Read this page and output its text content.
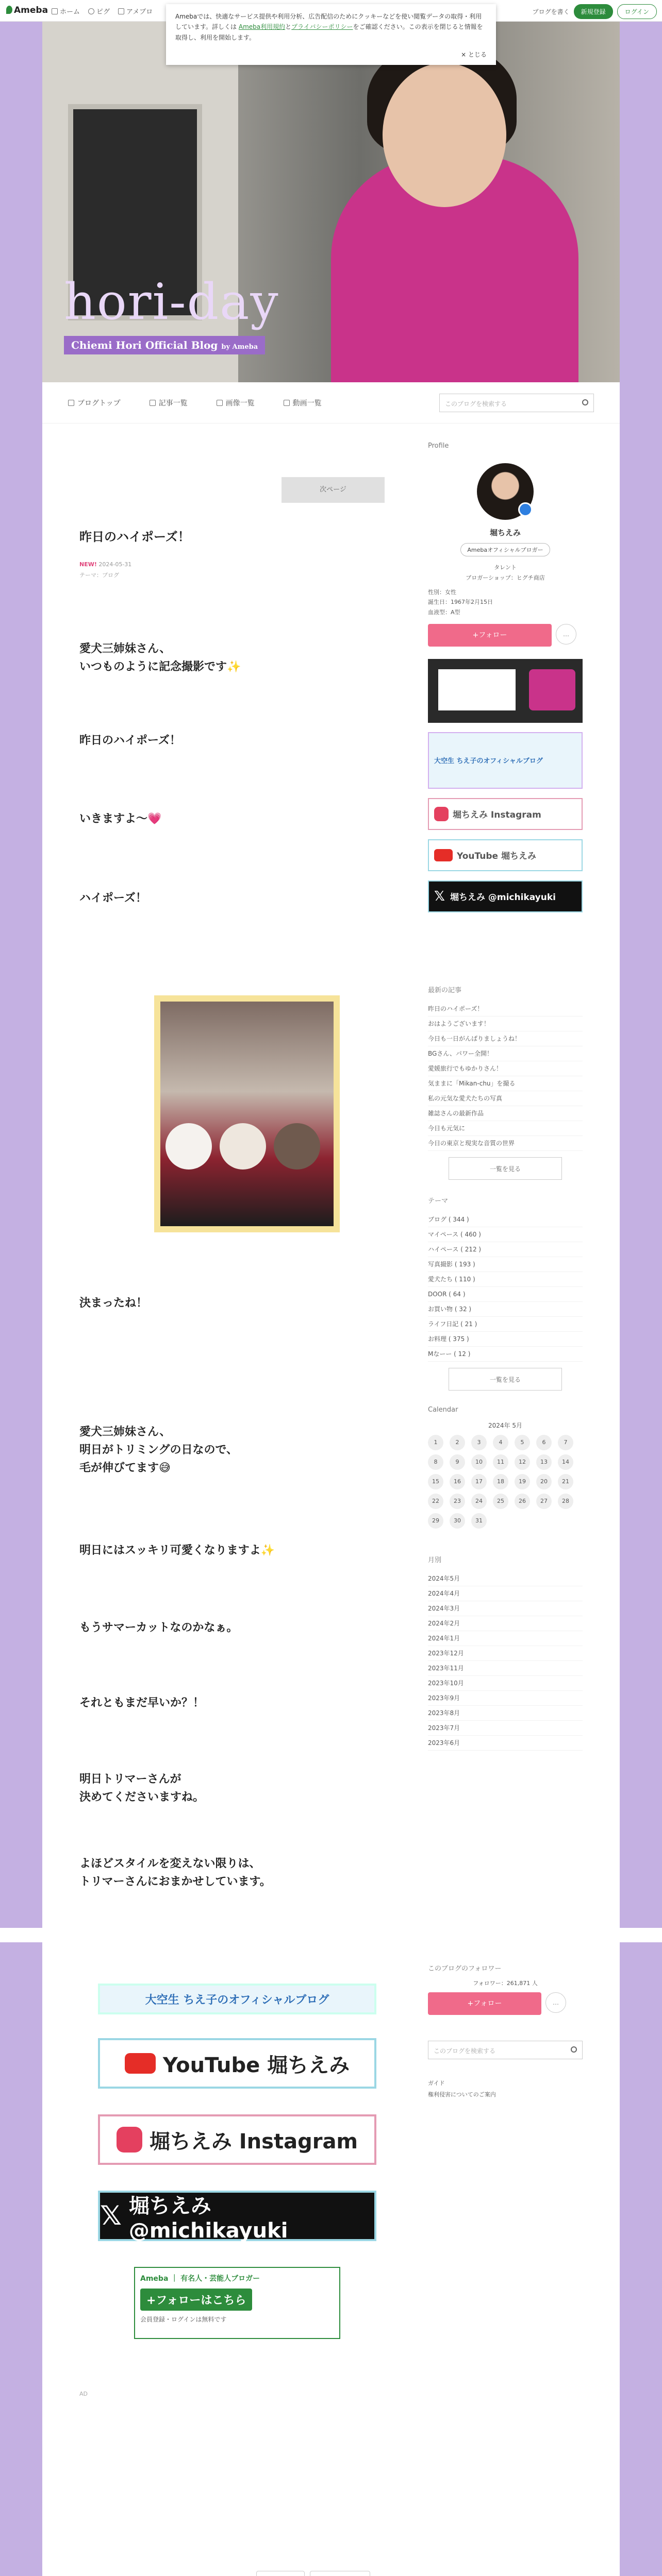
Ameba ホーム ピグ アメブロ	ブログを書く	新規登録	ログイン
hori-day
Chiemi Hori Official Blog by Ameba
Amebaでは、快適なサービス提供や利用分析、広告配信のためにクッキーなどを使い閲覧データの取得・利用しています。詳しくは Ameba利用規約とプライバシーポリシーをご確認ください。この表示を閉じると情報を取得し、利用を開始します。
× とじる
ブログトップ	記事一覧	画像一覧	動画一覧	このブログを検索する
次ページ
昨日のハイポーズ！
NEW! 2024-05-31
テーマ：ブログ
愛犬三姉妹さん、
いつものように記念撮影です✨
昨日のハイポーズ！
いきますよ〜💗
ハイポーズ！
決まったね！
愛犬三姉妹さん、
明日がトリミングの日なので、
毛が伸びてます😅
明日にはスッキリ可愛くなりますよ✨
もうサマーカットなのかなぁ。
それともまだ早いか？！
明日トリマーさんが
決めてくださいますね。
よほどスタイルを変えない限りは、
トリマーさんにおまかせしています。
Profile
堀ちえみ
Amebaオフィシャルブロガー
タレント
ブロガーショップ：ヒグチ商店
性別：女性
誕生日：1967年2月15日
血液型：A型
+フォロー	…
大空生 ちえ子のオフィシャルブログ
堀ちえみ Instagram
YouTube 堀ちえみ
𝕏 堀ちえみ @michikayuki
最新の記事
昨日のハイポーズ！
おはようございます！
今日も一日がんばりましょうね！
BGさん、パワー全開！
愛媛旅行でもゆかりさん！
気ままに「Mikan-chu」を撮る
私の元気な愛犬たちの写真
雑誌さんの最新作品
今日も元気に
今日の東京と現実な音質の世界
一覧を見る
テーマ
ブログ ( 344 )
マイペース ( 460 )
ハイペース ( 212 )
写真撮影 ( 193 )
愛犬たち ( 110 )
DOOR ( 64 )
お買い物 ( 32 )
ライフ日記 ( 21 )
お料理 ( 375 )
Mなーー ( 12 )
一覧を見る
Calendar
2024年 5月
1	2	3	4	5	6	7
8	9	10	11	12	13	14
15	16	17	18	19	20	21
22	23	24	25	26	27	28
29	30	31
月別
2024年5月
2024年4月
2024年3月
2024年2月
2024年1月
2023年12月
2023年11月
2023年10月
2023年9月
2023年8月
2023年7月
2023年6月
大空生 ちえ子のオフィシャルブログ
YouTube 堀ちえみ
堀ちえみ Instagram
𝕏 堀ちえみ @michikayuki
Ameba ｜ 有名人・芸能人ブロガー
+フォローはこちら
会員登録・ログインは無料です
AD
このブログのフォロワー
フォロワー：261,871 人
+フォロー	…
このブログを検索する
ガイド
権利侵害についてのご案内
